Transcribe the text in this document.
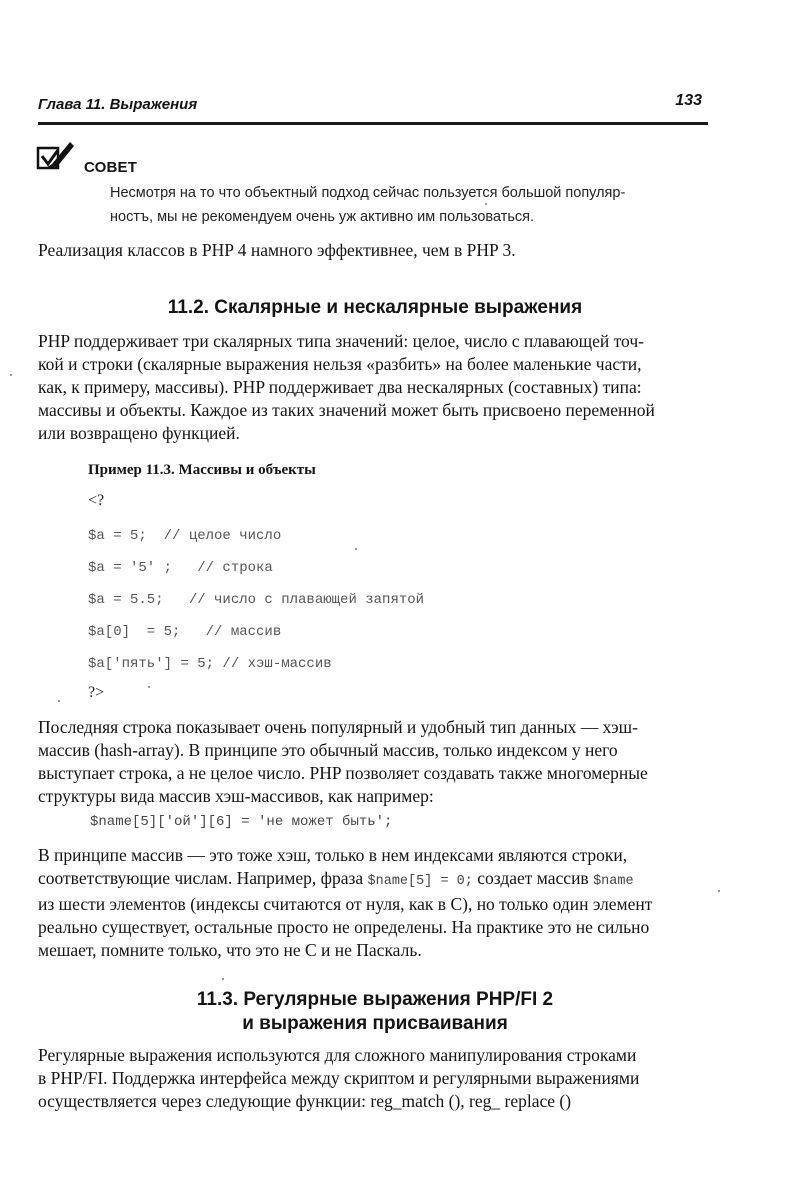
Глава 11. Выражения	133
СОВЕТ
Несмотря на то что объектный подход сейчас пользуется большой популяр-
ностъ, мы не рекомендуем очень уж активно им пользоваться.
Реализация классов в PHP 4 намного эффективнее, чем в PHP 3.
11.2. Скалярные и нескалярные выражения
PHP поддерживает три скалярных типа значений: целое, число с плавающей точ-
кой и строки (скалярные выражения нельзя «разбить» на более маленькие части,
как, к примеру, массивы). PHP поддерживает два нескалярных (составных) типа:
массивы и объекты. Каждое из таких значений может быть присвоено переменной
или возвращено функцией.
Пример 11.3. Массивы и объекты
<?
$a = 5;  // целое число
$a = '5' ;   // строка
$a = 5.5;   // число с плавающей запятой
$a[0]  = 5;   // массив
$a['пять'] = 5; // хэш-массив
?>
Последняя строка показывает очень популярный и удобный тип данных — хэш-
массив (hash-array). В принципе это обычный массив, только индексом у него
выступает строка, а не целое число. PHP позволяет создавать также многомерные
структуры вида массив хэш-массивов, как например:
$name[5]['ой'][6] = 'не может быть';
В принципе массив — это тоже хэш, только в нем индексами являются строки,
соответствующие числам. Например, фраза $name[5] = 0; создает массив $name
из шести элементов (индексы считаются от нуля, как в C), но только один элемент
реально существует, остальные просто не определены. На практике это не сильно
мешает, помните только, что это не C и не Паскаль.
11.3. Регулярные выражения PHP/FI 2
и выражения присваивания
Регулярные выражения используются для сложного манипулирования строками
в PHP/FI. Поддержка интерфейса между скриптом и регулярными выражениями
осуществляется через следующие функции: reg_match (), reg_ replace ()
